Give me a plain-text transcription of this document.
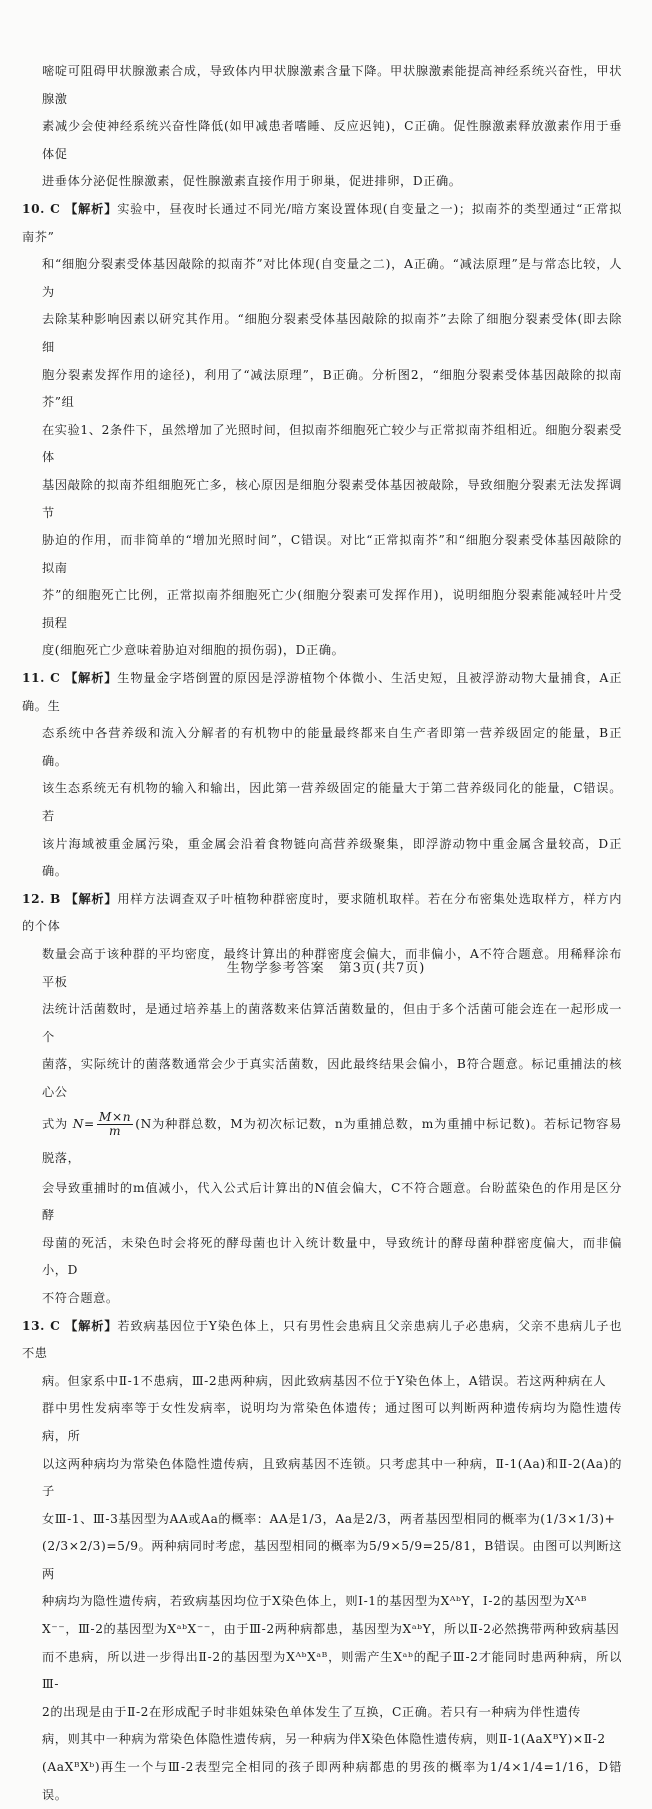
嘧啶可阻碍甲状腺激素合成，导致体内甲状腺激素含量下降。甲状腺激素能提高神经系统兴奋性，甲状腺激
素减少会使神经系统兴奋性降低(如甲减患者嗜睡、反应迟钝)，C正确。促性腺激素释放激素作用于垂体促
进垂体分泌促性腺激素，促性腺激素直接作用于卵巢，促进排卵，D正确。
10. C 【解析】实验中，昼夜时长通过不同光/暗方案设置体现(自变量之一)；拟南芥的类型通过“正常拟南芥”
和“细胞分裂素受体基因敲除的拟南芥”对比体现(自变量之二)，A正确。“减法原理”是与常态比较，人为
去除某种影响因素以研究其作用。“细胞分裂素受体基因敲除的拟南芥”去除了细胞分裂素受体(即去除细
胞分裂素发挥作用的途径)，利用了“减法原理”，B正确。分析图2，“细胞分裂素受体基因敲除的拟南芥”组
在实验1、2条件下，虽然增加了光照时间，但拟南芥细胞死亡较少与正常拟南芥组相近。细胞分裂素受体
基因敲除的拟南芥组细胞死亡多，核心原因是细胞分裂素受体基因被敲除，导致细胞分裂素无法发挥调节
胁迫的作用，而非简单的“增加光照时间”，C错误。对比“正常拟南芥”和“细胞分裂素受体基因敲除的拟南
芥”的细胞死亡比例，正常拟南芥细胞死亡少(细胞分裂素可发挥作用)，说明细胞分裂素能减轻叶片受损程
度(细胞死亡少意味着胁迫对细胞的损伤弱)，D正确。
11. C 【解析】生物量金字塔倒置的原因是浮游植物个体微小、生活史短，且被浮游动物大量捕食，A正确。生
态系统中各营养级和流入分解者的有机物中的能量最终都来自生产者即第一营养级固定的能量，B正确。
该生态系统无有机物的输入和输出，因此第一营养级固定的能量大于第二营养级同化的能量，C错误。若
该片海域被重金属污染，重金属会沿着食物链向高营养级聚集，即浮游动物中重金属含量较高，D正确。
12. B 【解析】用样方法调查双子叶植物种群密度时，要求随机取样。若在分布密集处选取样方，样方内的个体
数量会高于该种群的平均密度，最终计算出的种群密度会偏大，而非偏小，A不符合题意。用稀释涂布平板
法统计活菌数时，是通过培养基上的菌落数来估算活菌数量的，但由于多个活菌可能会连在一起形成一个
菌落，实际统计的菌落数通常会少于真实活菌数，因此最终结果会偏小，B符合题意。标记重捕法的核心公
式为 $N= \frac{M\times n}{m} (N$为种群总数，M为初次标记数，n为重捕总数，m为重捕中标记数)。若标记物容易脱落，
会导致重捕时的m值减小，代入公式后计算出的N值会偏大，C不符合题意。台盼蓝染色的作用是区分酵
母菌的死活，未染色时会将死的酵母菌也计入统计数量中，导致统计的酵母菌种群密度偏大，而非偏小，D
不符合题意。
13. C 【解析】若致病基因位于Y染色体上，只有男性会患病且父亲患病儿子必患病，父亲不患病儿子也不患
病。但家系中Ⅱ-1不患病，Ⅲ-2患两种病，因此致病基因不位于Y染色体上，A错误。若这两种病在人
群中男性发病率等于女性发病率，说明均为常染色体遗传；通过图可以判断两种遗传病均为隐性遗传病，所
以这两种病均为常染色体隐性遗传病，且致病基因不连锁。只考虑其中一种病，Ⅱ-1(Aa)和Ⅱ-2(Aa)的子
女Ⅲ-1、Ⅲ-3基因型为AA或Aa的概率：AA是1/3，Aa是2/3，两者基因型相同的概率为(1/3×1/3)+
(2/3×2/3)=5/9。两种病同时考虑，基因型相同的概率为5/9×5/9=25/81，B错误。由图可以判断这两
种病均为隐性遗传病，若致病基因均位于X染色体上，则Ⅰ-1的基因型为XᴬᵇY，Ⅰ-2的基因型为Xᴬᴮ
X⁻⁻，Ⅲ-2的基因型为XᵃᵇX⁻⁻，由于Ⅲ-2两种病都患，基因型为XᵃᵇY，所以Ⅱ-2必然携带两种致病基因
而不患病，所以进一步得出Ⅱ-2的基因型为XᴬᵇXᵃᴮ，则需产生Xᵃᵇ的配子Ⅲ-2才能同时患两种病，所以Ⅲ-
2的出现是由于Ⅱ-2在形成配子时非姐妹染色单体发生了互换，C正确。若只有一种病为伴性遗传
病，则其中一种病为常染色体隐性遗传病，另一种病为伴X染色体隐性遗传病，则Ⅱ-1(AaXᴮY)×Ⅱ-2
(AaXᴮXᵇ)再生一个与Ⅲ-2表型完全相同的孩子即两种病都患的男孩的概率为1/4×1/4=1/16，D错误。
生物学参考答案　第3页(共7页)
